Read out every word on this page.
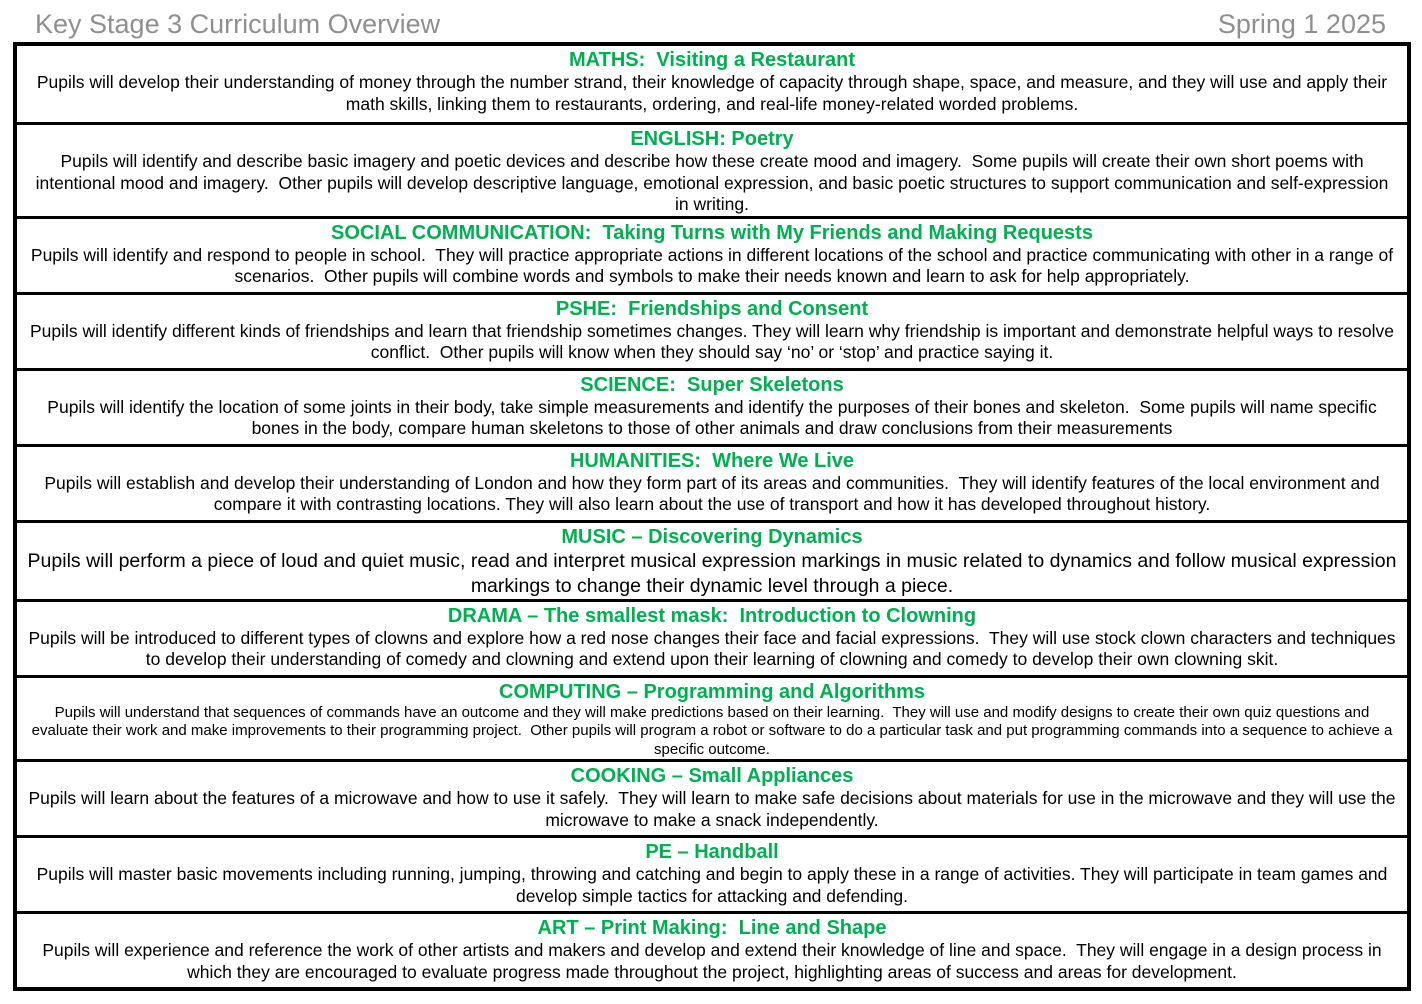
Key Stage 3 Curriculum Overview	Spring 1 2025
MATHS:  Visiting a Restaurant
Pupils will develop their understanding of money through the number strand, their knowledge of capacity through shape, space, and measure, and they will use and apply their math skills, linking them to restaurants, ordering, and real-life money-related worded problems.
ENGLISH: Poetry
Pupils will identify and describe basic imagery and poetic devices and describe how these create mood and imagery.  Some pupils will create their own short poems with intentional mood and imagery.  Other pupils will develop descriptive language, emotional expression, and basic poetic structures to support communication and self-expression in writing.
SOCIAL COMMUNICATION:  Taking Turns with My Friends and Making Requests
Pupils will identify and respond to people in school.  They will practice appropriate actions in different locations of the school and practice communicating with other in a range of scenarios.  Other pupils will combine words and symbols to make their needs known and learn to ask for help appropriately.
PSHE:  Friendships and Consent
Pupils will identify different kinds of friendships and learn that friendship sometimes changes. They will learn why friendship is important and demonstrate helpful ways to resolve conflict.  Other pupils will know when they should say ‘no’ or ‘stop’ and practice saying it.
SCIENCE:  Super Skeletons
Pupils will identify the location of some joints in their body, take simple measurements and identify the purposes of their bones and skeleton.  Some pupils will name specific bones in the body, compare human skeletons to those of other animals and draw conclusions from their measurements
HUMANITIES:  Where We Live
Pupils will establish and develop their understanding of London and how they form part of its areas and communities.  They will identify features of the local environment and compare it with contrasting locations. They will also learn about the use of transport and how it has developed throughout history.
MUSIC – Discovering Dynamics
Pupils will perform a piece of loud and quiet music, read and interpret musical expression markings in music related to dynamics and follow musical expression markings to change their dynamic level through a piece.
DRAMA – The smallest mask:  Introduction to Clowning
Pupils will be introduced to different types of clowns and explore how a red nose changes their face and facial expressions.  They will use stock clown characters and techniques to develop their understanding of comedy and clowning and extend upon their learning of clowning and comedy to develop their own clowning skit.
COMPUTING – Programming and Algorithms
Pupils will understand that sequences of commands have an outcome and they will make predictions based on their learning.  They will use and modify designs to create their own quiz questions and evaluate their work and make improvements to their programming project.  Other pupils will program a robot or software to do a particular task and put programming commands into a sequence to achieve a specific outcome.
COOKING – Small Appliances
Pupils will learn about the features of a microwave and how to use it safely.  They will learn to make safe decisions about materials for use in the microwave and they will use the microwave to make a snack independently.
PE – Handball
Pupils will master basic movements including running, jumping, throwing and catching and begin to apply these in a range of activities. They will participate in team games and develop simple tactics for attacking and defending.
ART – Print Making:  Line and Shape
Pupils will experience and reference the work of other artists and makers and develop and extend their knowledge of line and space.  They will engage in a design process in which they are encouraged to evaluate progress made throughout the project, highlighting areas of success and areas for development.
